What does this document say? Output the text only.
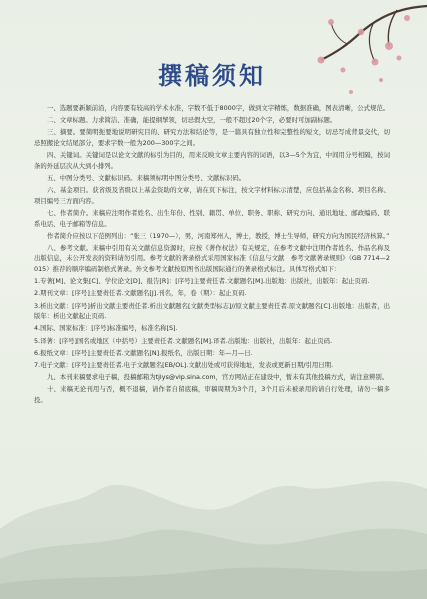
撰稿须知

一、选题要新颖前沿，内容要有较高的学术水准，字数不低于8000字，做到文字精炼，数据准确，图表清晰，公式规范。

二、文章标题。力求简洁、准确，能提纲挈领，切忌假大空，一般不超过20个字，必要时可加副标题。

三、摘要。要简明扼要地说明研究目的、研究方法和结论等，是一篇具有独立性和完整性的短文，切忌写成背景交代，切忌照搬论文结尾部分，要求字数一般为200—300字之间。

四、关键词。关键词是以论文文献的标引为目的，用来反映文章主要内容的词语，以3—5个为宜，中间用分号相隔，按词条的外延层次从大到小排列。

五、中图分类号、文献标识码。来稿须标明中图分类号、文献标识码。

六、基金项目。获省级及省级以上基金资助的文章，请在页下标注，按文字材料标示清楚，应包括基金名称、项目名称、项目编号三方面内容。

七、作者简介。来稿应注明作者姓名、出生年份、性别、籍贯、单位、职务、职称、研究方向、通讯地址、邮政编码、联系电话、电子邮箱等信息。

作者简介应按以下范例列出：“张三（1970—），男，河南郑州人，博士，教授，博士生导师，研究方向为国民经济核算。”

八、参考文献。来稿中引用有关文献信息资源时，应按《著作权法》有关规定，在参考文献中注明作者姓名、作品名称及出版信息，未公开发表的资料请勿引用。参考文献的著录格式采用国家标准《信息与文献　参考文献著录规则》（GB 7714—2015）推荐的顺序编码制格式著录。外文参考文献按原图书出版国际通行的著录格式标注。具体写格式如下：

1.专著[M]、论文集[C]、学位论文[D]、报告[R]：[序号]主要责任者.文献题名[M].出版地：出版社，出版年：起止页码.

2.期刊文章：[序号]主要责任者.文献题名[J].刊名，年，卷（期）：起止页码.

3.析出文献：[序号]析出文献主要责任者.析出文献题名[文献类型标志]//原文献主要责任者.原文献题名[C].出版地：出版者，出版年：析出文献起止页码.

4.国际、国家标准：[序号]标准编号，标准名称[S].

5.译著：[序号]国名或地区（中括号）主要责任者.文献题名[M].译者.出版地：出版社，出版年：起止页码.

6.报纸文章：[序号]主要责任者.文献题名[N].报纸名，出版日期：年—月—日.

7.电子文献：[序号]主要责任者.电子文献题名[EB/OL].文献出处或可获得地址，发表或更新日期/引用日期.

九、本刊来稿要求电子稿，投稿邮箱为tjlys@vip.sina.com，官方网站正在建设中，暂未有其他投稿方式，请注意辨别。

十、来稿无论刊用与否，概不退稿，请作者自留底稿，审稿周期为3个月，3个月后未被录用的请自行处理，请勿一稿多投。
